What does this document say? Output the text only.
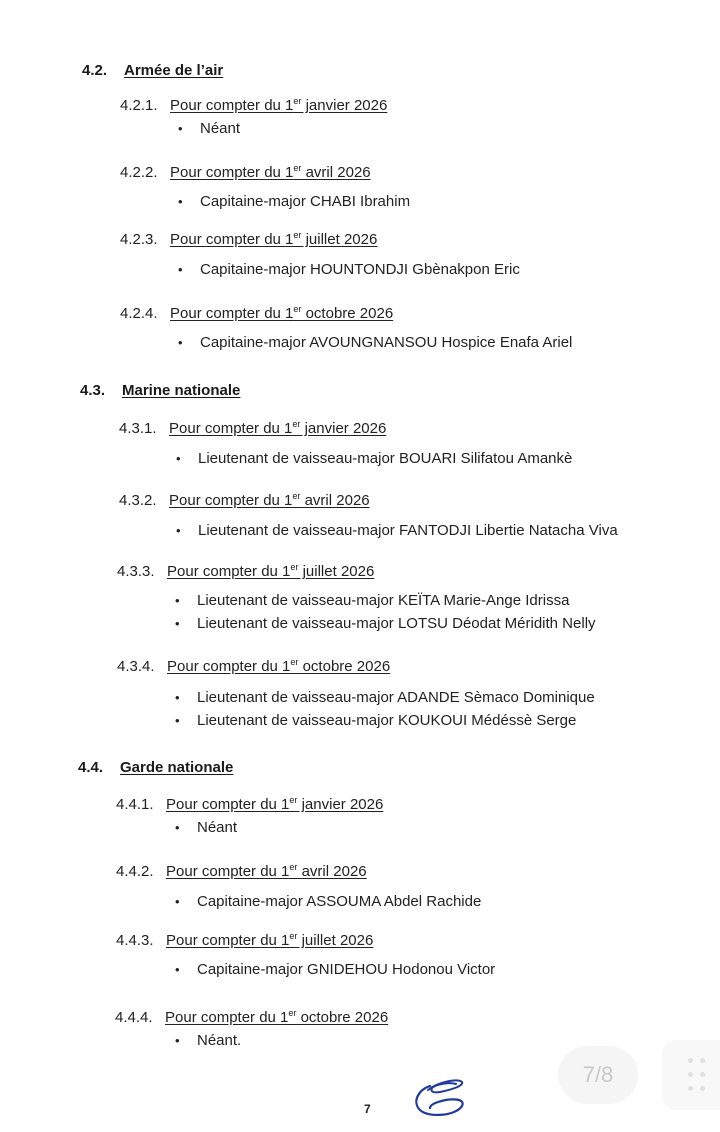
4.2. Armée de l’air
4.2.1. Pour compter du 1er janvier 2026
• Néant
4.2.2. Pour compter du 1er avril 2026
• Capitaine-major CHABI Ibrahim
4.2.3. Pour compter du 1er juillet 2026
• Capitaine-major HOUNTONDJI Gbènakpon Eric
4.2.4. Pour compter du 1er octobre 2026
• Capitaine-major AVOUNGNANSOU Hospice Enafa Ariel
4.3. Marine nationale
4.3.1. Pour compter du 1er janvier 2026
• Lieutenant de vaisseau-major BOUARI Silifatou Amankè
4.3.2. Pour compter du 1er avril 2026
• Lieutenant de vaisseau-major FANTODJI Libertie Natacha Viva
4.3.3. Pour compter du 1er juillet 2026
• Lieutenant de vaisseau-major KEÏTA Marie-Ange Idrissa
• Lieutenant de vaisseau-major LOTSU Déodat Méridith Nelly
4.3.4. Pour compter du 1er octobre 2026
• Lieutenant de vaisseau-major ADANDE Sèmaco Dominique
• Lieutenant de vaisseau-major KOUKOUI Médéssè Serge
4.4. Garde nationale
4.4.1. Pour compter du 1er janvier 2026
• Néant
4.4.2. Pour compter du 1er avril 2026
• Capitaine-major ASSOUMA Abdel Rachide
4.4.3. Pour compter du 1er juillet 2026
• Capitaine-major GNIDEHOU Hodonou Victor
4.4.4. Pour compter du 1er octobre 2026
• Néant.
7
7/8
